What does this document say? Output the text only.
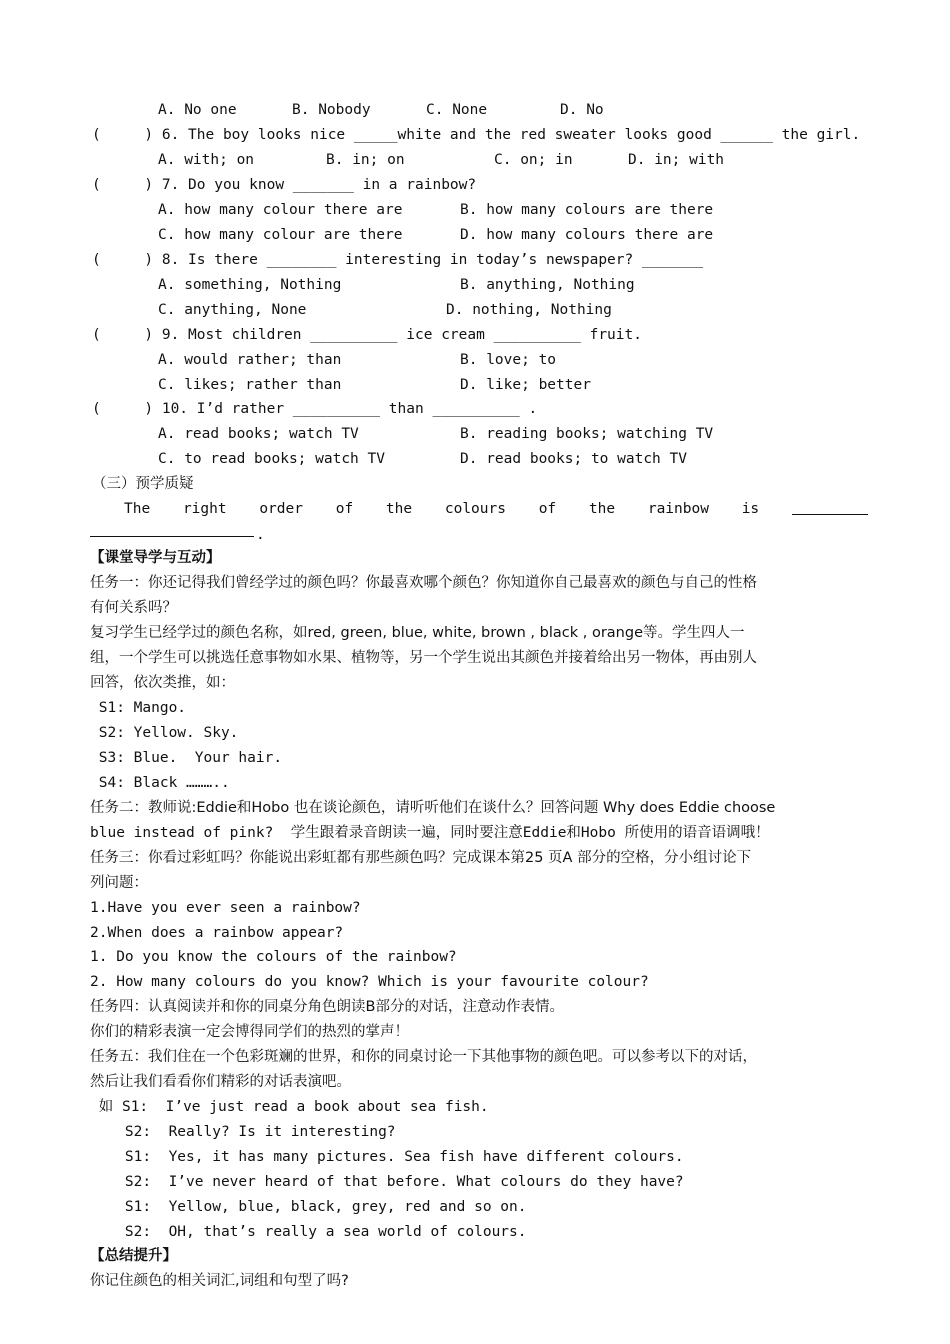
A. No one	B. Nobody	C. None	D. No
(     ) 6. The boy looks nice _____white and the red sweater looks good ______ the girl.
A. with; on	B. in; on	C. on; in	D. in; with
(     ) 7. Do you know _______ in a rainbow?
A. how many colour there are	B. how many colours are there
C. how many colour are there	D. how many colours there are
(     ) 8. Is there ________ interesting in today’s newspaper? _______
A. something, Nothing	B. anything, Nothing
C. anything, None	D. nothing, Nothing
(     ) 9. Most children __________ ice cream __________ fruit.
A. would rather; than	B. love; to
C. likes; rather than	D. like; better
(     ) 10. I’d rather __________ than __________ .
A. read books; watch TV	B. reading books; watching TV
C. to read books; watch TV	D. read books; to watch TV
（三）预学质疑
The right order of the colours of the rainbow is
.
【课堂导学与互动】
任务一：你还记得我们曾经学过的颜色吗？你最喜欢哪个颜色？你知道你自己最喜欢的颜色与自己的性格
有何关系吗？
复习学生已经学过的颜色名称，如red, green, blue, white, brown , black , orange等。学生四人一
组，一个学生可以挑选任意事物如水果、植物等，另一个学生说出其颜色并接着给出另一物体，再由别人
回答，依次类推，如：
S1: Mango.
S2: Yellow. Sky.
S3: Blue.  Your hair.
S4: Black ………..
任务二：教师说:Eddie和Hobo 也在谈论颜色，请听听他们在谈什么？回答问题 Why does Eddie choose
blue instead of pink?  学生跟着录音朗读一遍，同时要注意Eddie和Hobo 所使用的语音语调哦！
任务三：你看过彩虹吗？你能说出彩虹都有那些颜色吗？完成课本第25 页A 部分的空格，分小组讨论下
列问题：
1.Have you ever seen a rainbow?
2.When does a rainbow appear?
1. Do you know the colours of the rainbow?
2. How many colours do you know? Which is your favourite colour?
任务四：认真阅读并和你的同桌分角色朗读B部分的对话，注意动作表情。
你们的精彩表演一定会博得同学们的热烈的掌声！
任务五：我们住在一个色彩斑斓的世界，和你的同桌讨论一下其他事物的颜色吧。可以参考以下的对话，
然后让我们看看你们精彩的对话表演吧。
如 S1:  I’ve just read a book about sea fish.
S2:  Really? Is it interesting?
S1:  Yes, it has many pictures. Sea fish have different colours.
S2:  I’ve never heard of that before. What colours do they have?
S1:  Yellow, blue, black, grey, red and so on.
S2:  OH, that’s really a sea world of colours.
【总结提升】
你记住颜色的相关词汇,词组和句型了吗?
